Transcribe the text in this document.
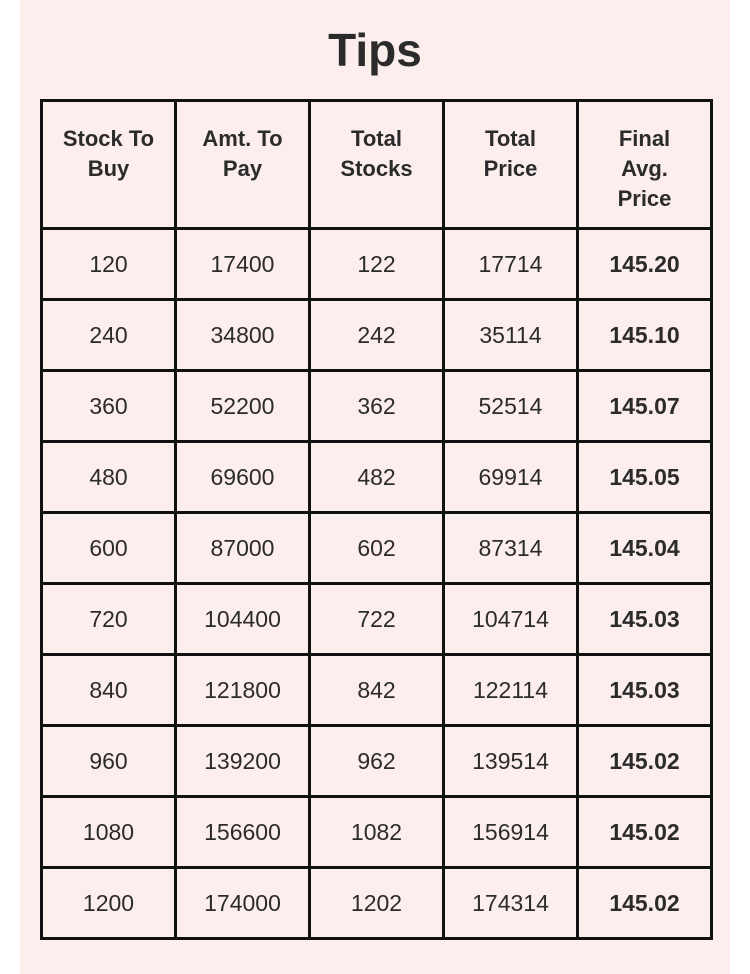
Tips
Stock To Buy	Amt. To Pay	Total Stocks	Total Price	Final Avg. Price
120	17400	122	17714	145.20
240	34800	242	35114	145.10
360	52200	362	52514	145.07
480	69600	482	69914	145.05
600	87000	602	87314	145.04
720	104400	722	104714	145.03
840	121800	842	122114	145.03
960	139200	962	139514	145.02
1080	156600	1082	156914	145.02
1200	174000	1202	174314	145.02
